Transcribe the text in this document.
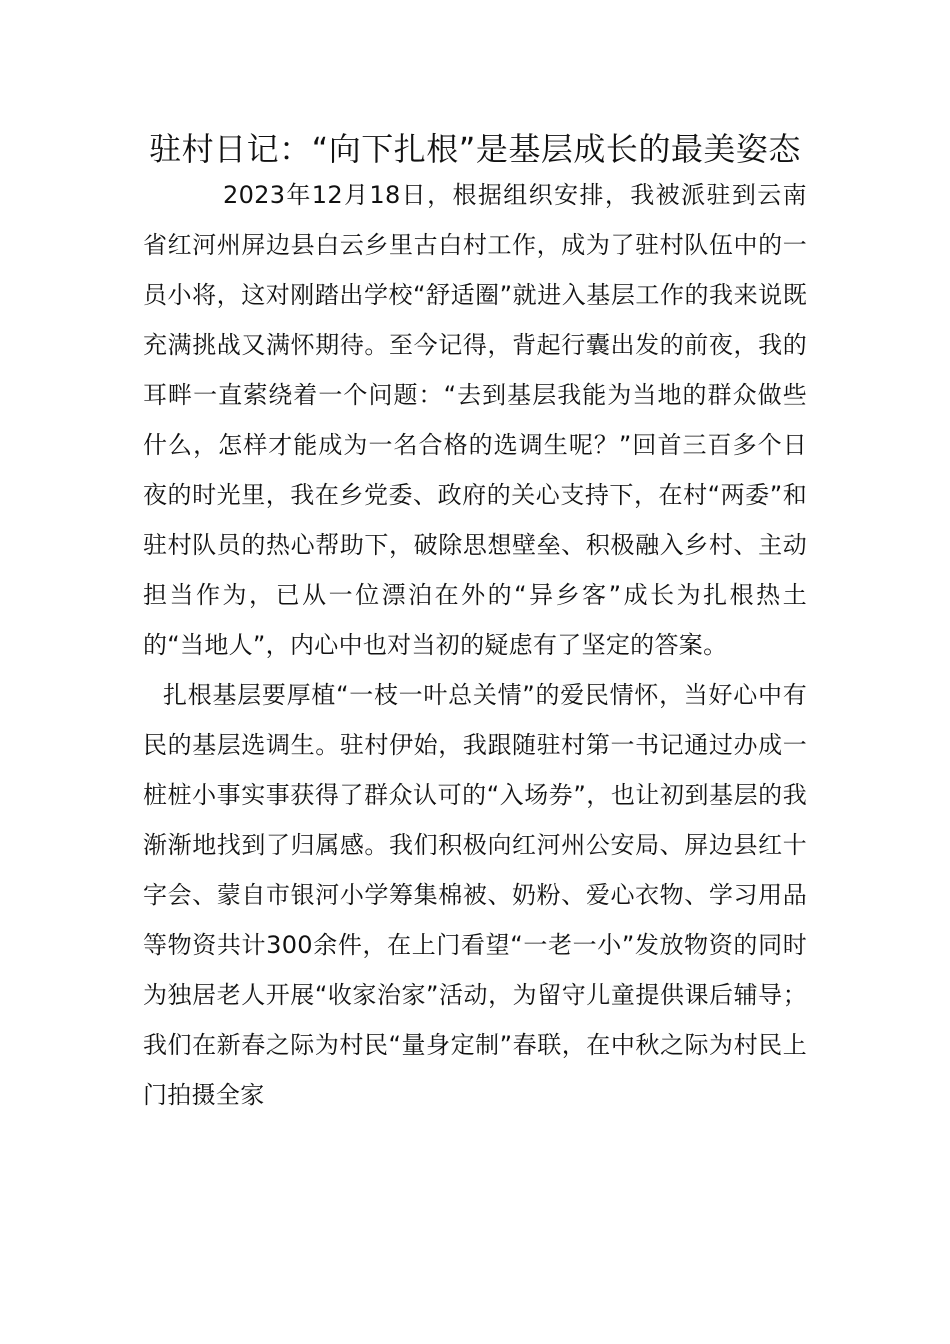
驻村日记：“向下扎根”是基层成长的最美姿态

2023年12月18日，根据组织安排，我被派驻到云南省红河州屏边县白云乡里古白村工作，成为了驻村队伍中的一员小将，这对刚踏出学校“舒适圈”就进入基层工作的我来说既充满挑战又满怀期待。至今记得，背起行囊出发的前夜，我的耳畔一直萦绕着一个问题：“去到基层我能为当地的群众做些什么，怎样才能成为一名合格的选调生呢？”回首三百多个日夜的时光里，我在乡党委、政府的关心支持下，在村“两委”和驻村队员的热心帮助下，破除思想壁垒、积极融入乡村、主动担当作为，已从一位漂泊在外的“异乡客”成长为扎根热土的“当地人”，内心中也对当初的疑虑有了坚定的答案。

扎根基层要厚植“一枝一叶总关情”的爱民情怀，当好心中有民的基层选调生。驻村伊始，我跟随驻村第一书记通过办成一桩桩小事实事获得了群众认可的“入场券”，也让初到基层的我渐渐地找到了归属感。我们积极向红河州公安局、屏边县红十字会、蒙自市银河小学筹集棉被、奶粉、爱心衣物、学习用品等物资共计300余件，在上门看望“一老一小”发放物资的同时为独居老人开展“收家治家”活动，为留守儿童提供课后辅导；我们在新春之际为村民“量身定制”春联，在中秋之际为村民上门拍摄全家
